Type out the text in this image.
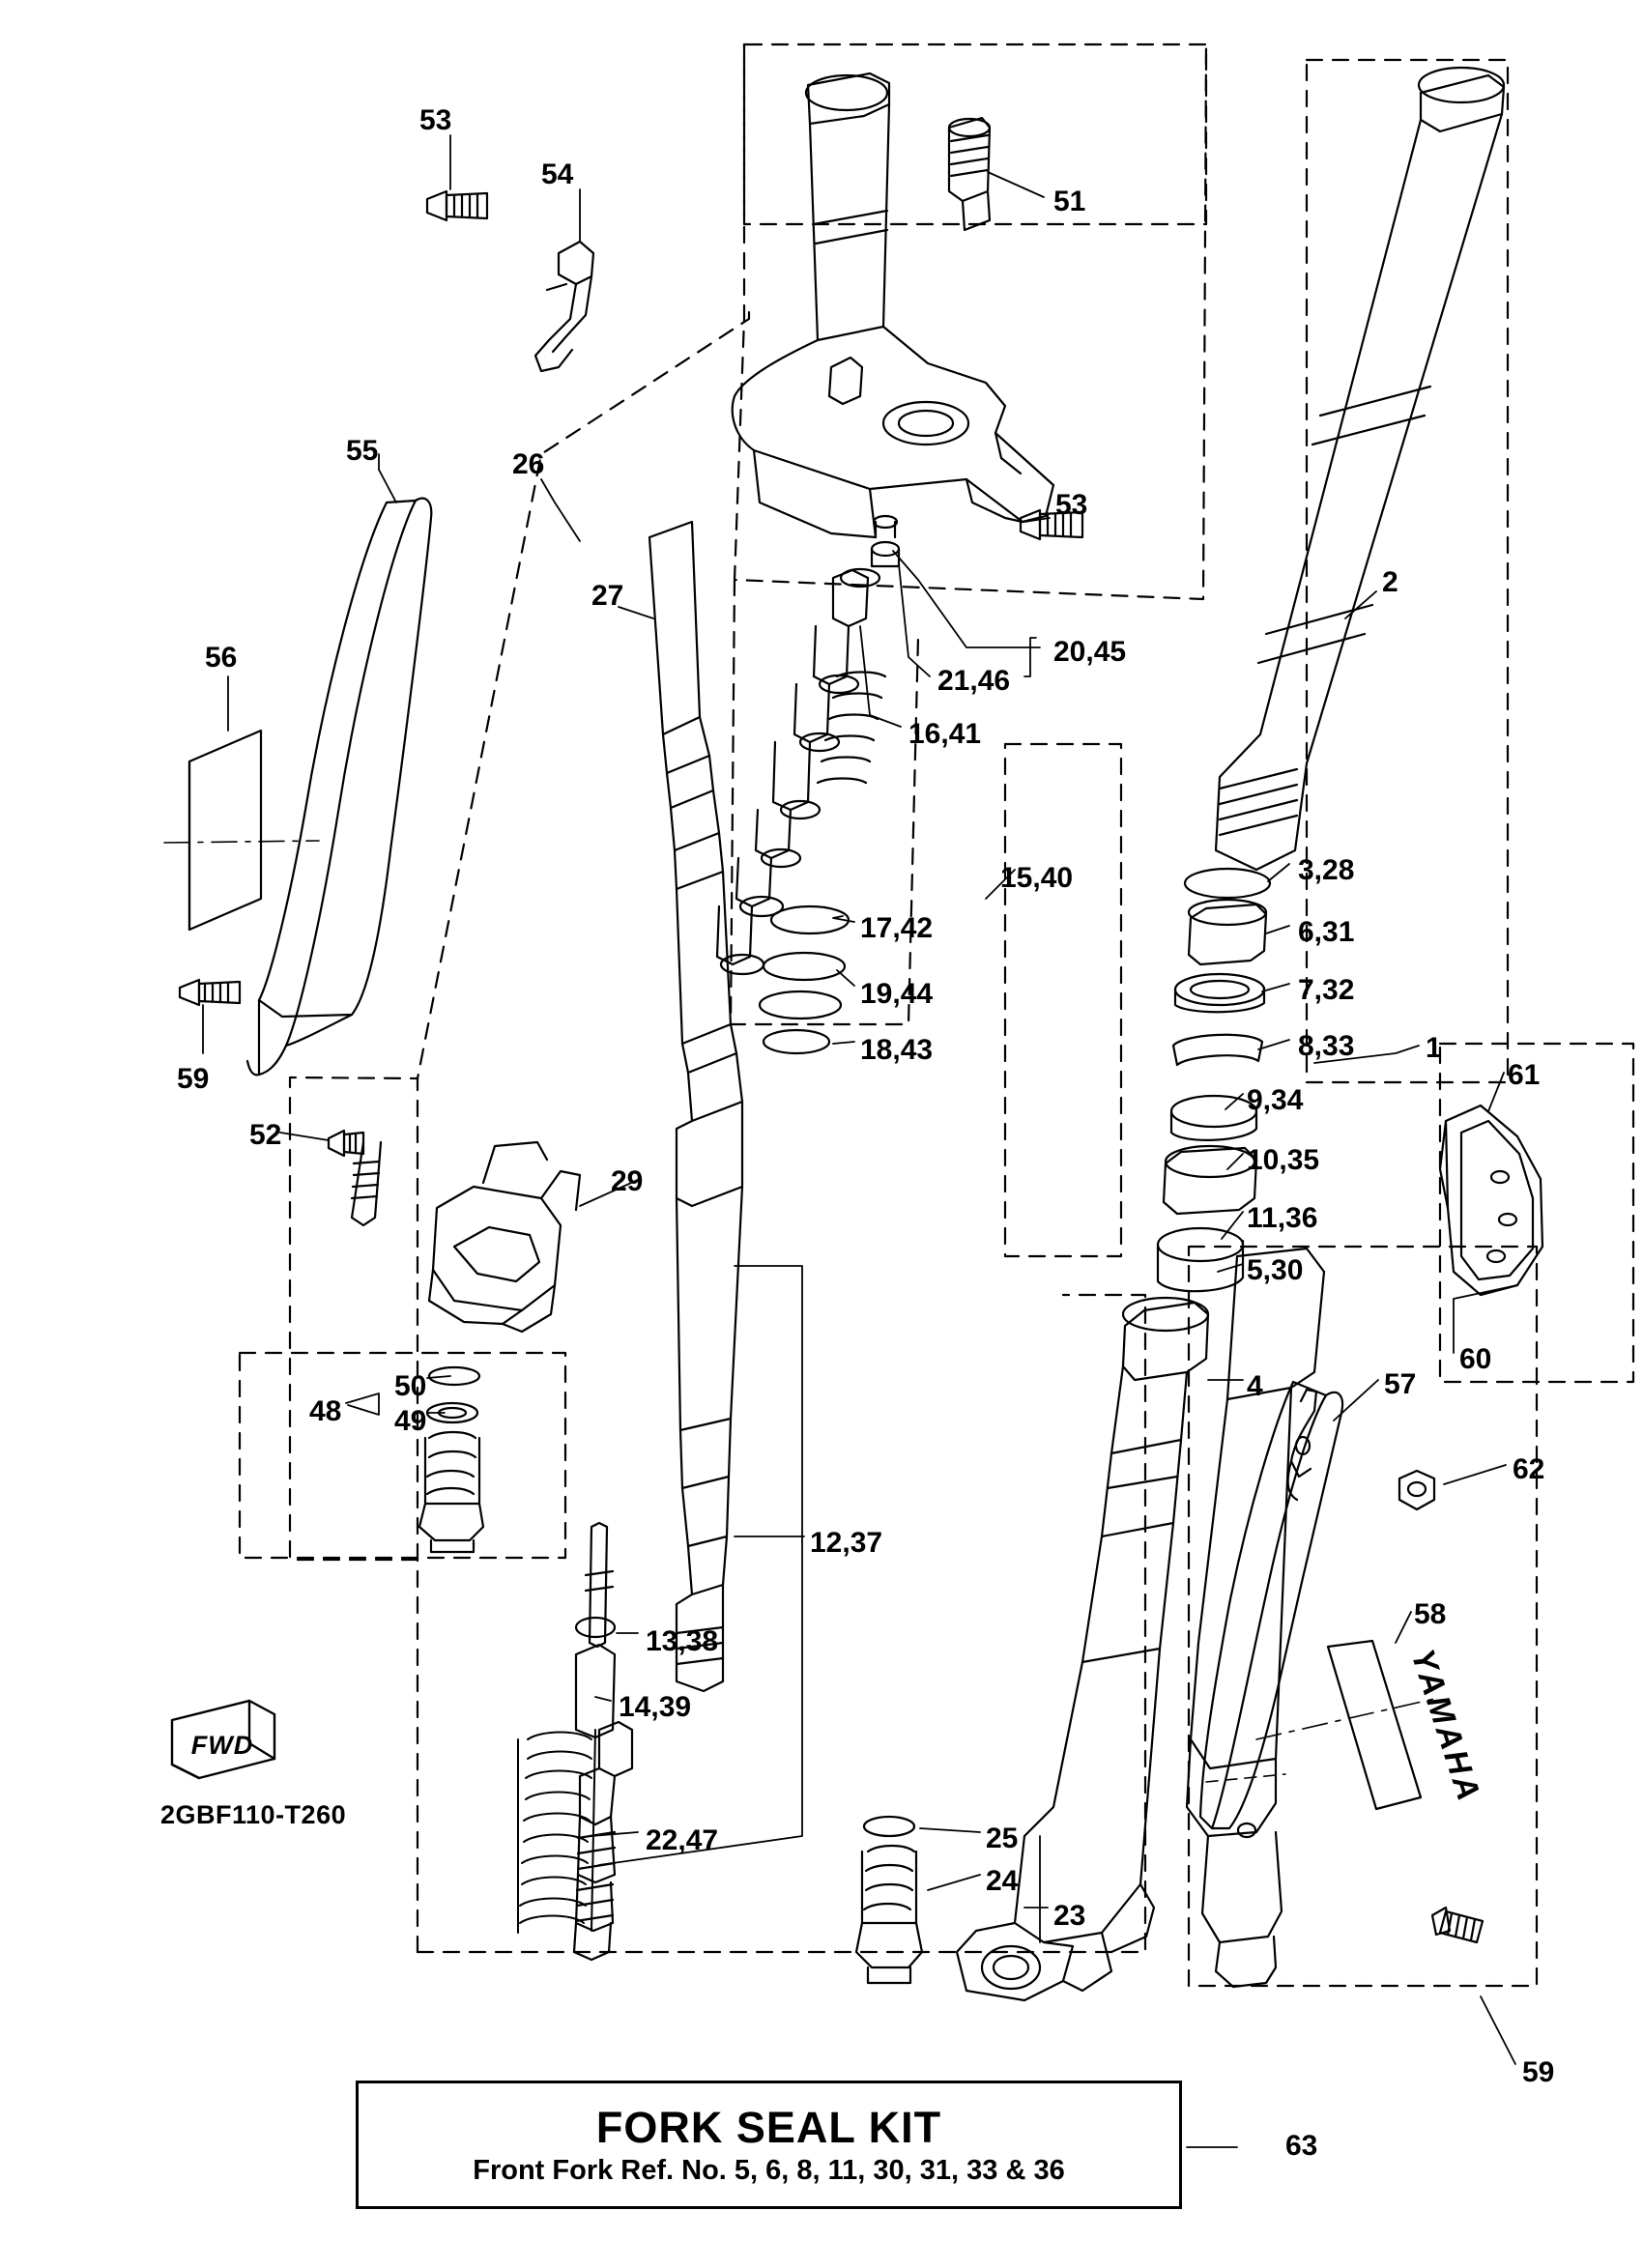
FWD	YAMAHA
2GBF110-T260
FORK SEAL KIT
Front Fork Ref. No. 5, 6, 8, 11, 30, 31, 33 & 36
63
53
54
51
55	26
53
2
27
20,45
56
21,46
16,41
3,28
15,40
6,31
17,42
7,32
19,44
8,33 1
18,43
9,34
61
59
10,35
52
11,36
5,30
29
60
4	57
50
49
48
62
12,37
58
13,38
14,39
22,47	25
24
23
59
